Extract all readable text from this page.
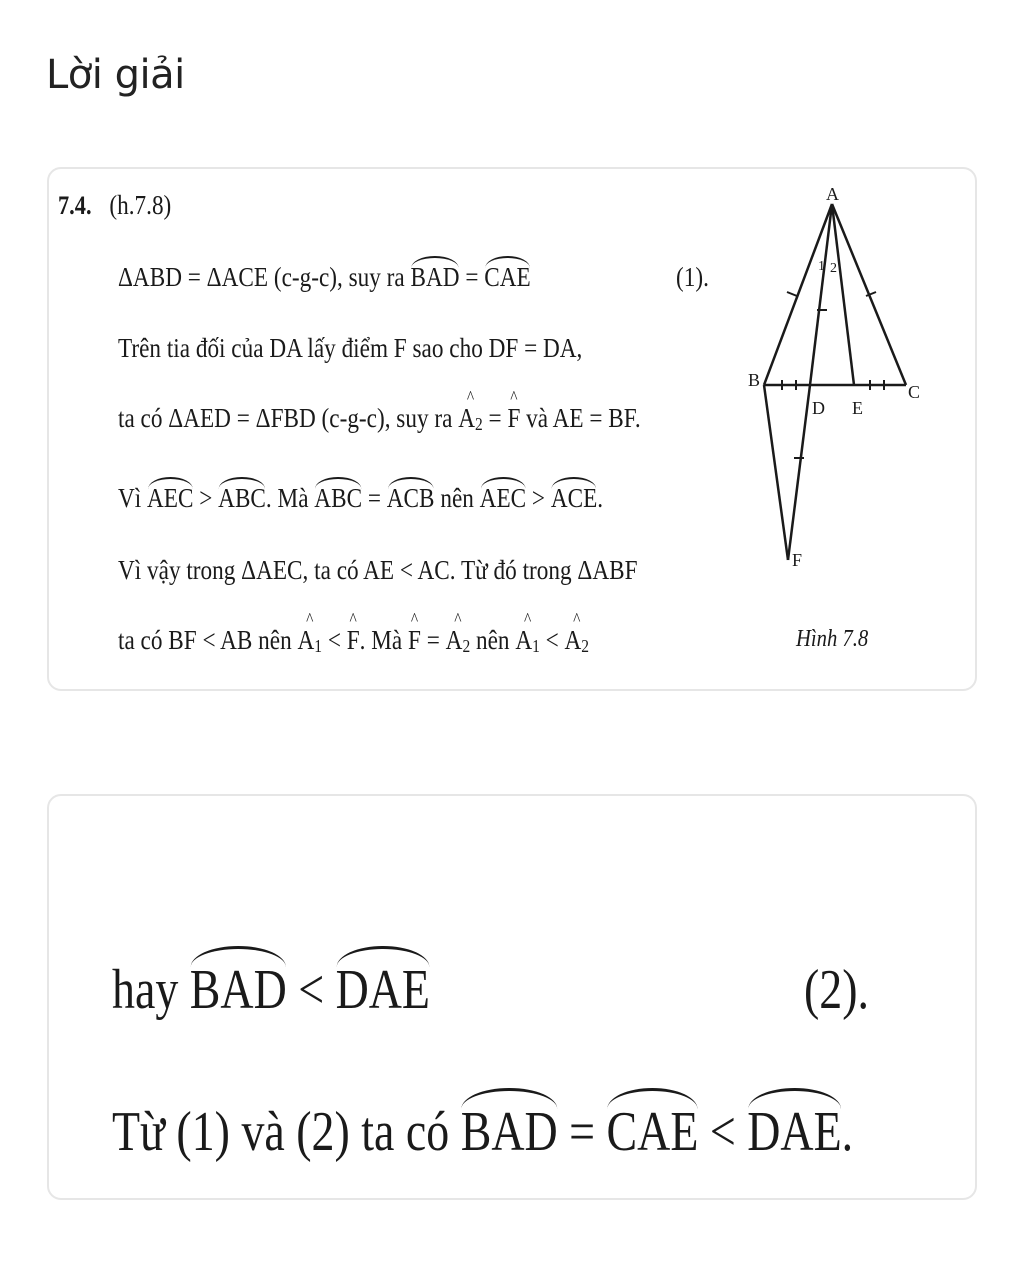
Lời giải
7.4. (h.7.8)
ΔABD = ΔACE (c-g-c), suy ra BAD = CAE	(1).
Trên tia đối của DA lấy điểm F sao cho DF = DA,
ta có ΔAED = ΔFBD (c-g-c), suy ra ^ $A_2$ = ^ F và AE = BF.
Vì AEC > ABC. Mà ABC = ACB nên AEC > ACE.
Vì vậy trong ΔAEC, ta có AE < AC. Từ đó trong ΔABF
ta có BF < AB nên ^ $A_1$ < ^ F. Mà ^ F = ^ $A_2$ nên ^ $A_1$ < ^ $A_2$
A
B
C
D E
F
1 2
Hình 7.8
hay BAD < DAE	(2).
Từ (1) và (2) ta có BAD = CAE < DAE.
